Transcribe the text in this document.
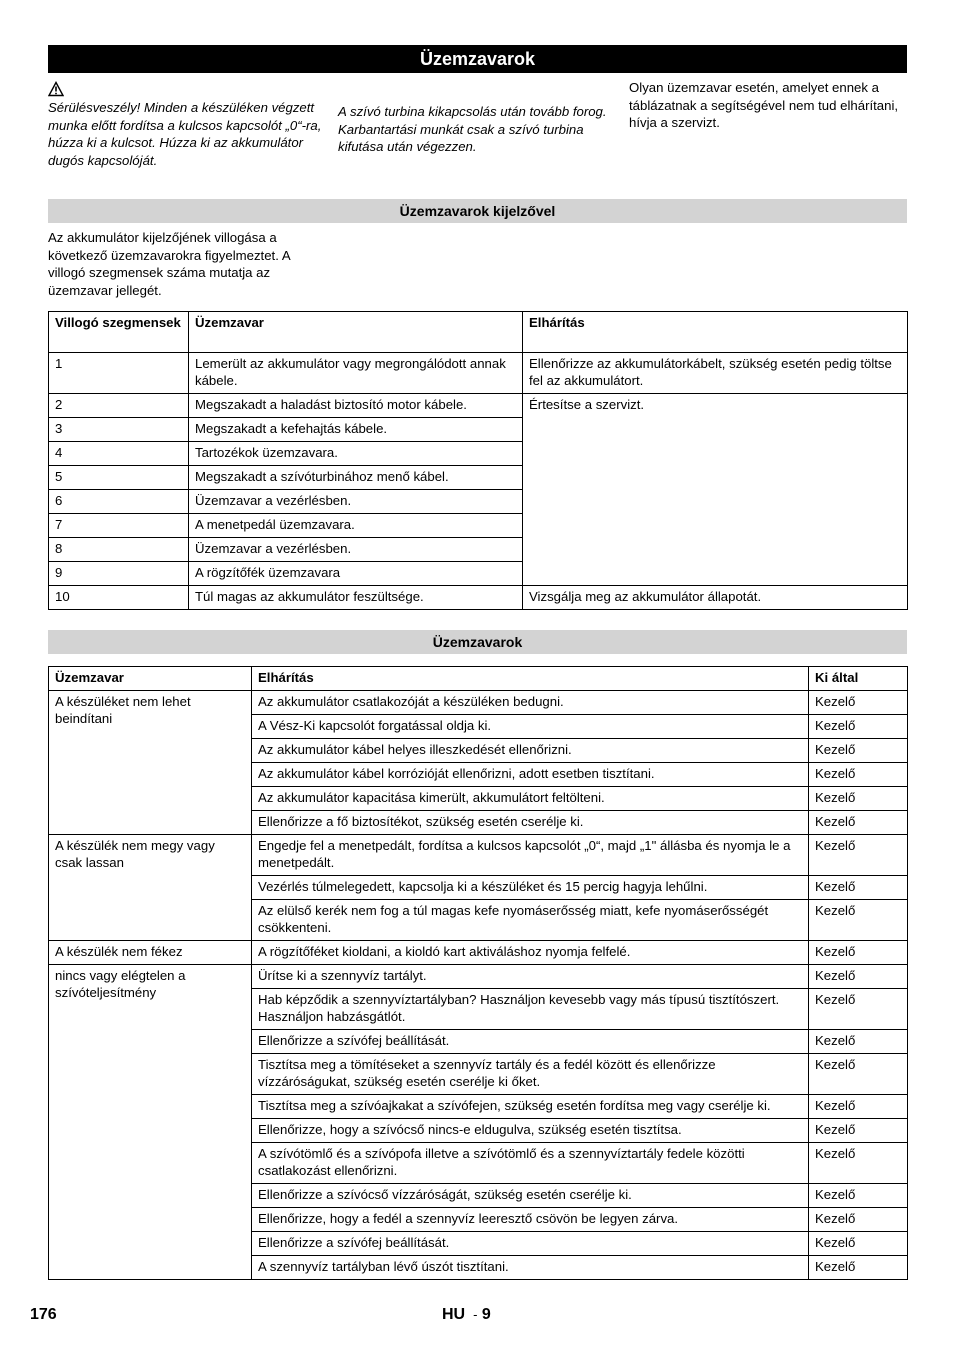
Üzemzavarok
Sérülésveszély! Minden a készüléken végzett munka előtt fordítsa a kulcsos kapcsolót „0“-ra, húzza ki a kulcsot. Húzza ki az akkumulátor dugós kapcsolóját.
A szívó turbina kikapcsolás után tovább forog. Karbantartási munkát csak a szívó turbina kifutása után végezzen.
Olyan üzemzavar esetén, amelyet ennek a táblázatnak a segítségével nem tud elhárítani, hívja a szervizt.
Üzemzavarok kijelzővel
Az akkumulátor kijelzőjének villogása a következő üzemzavarokra figyelmeztet. A villogó szegmensek száma mutatja az üzemzavar jellegét.
Villogó szegmensek	Üzemzavar	Elhárítás
1	Lemerült az akkumulátor vagy megrongálódott annak kábele.	Ellenőrizze az akkumulátorkábelt, szükség esetén pedig töltse fel az akkumulátort.
2	Megszakadt a haladást biztosító motor kábele.	Értesítse a szervizt.
3	Megszakadt a kefehajtás kábele.	
4	Tartozékok üzemzavara.	
5	Megszakadt a szívóturbinához menő kábel.	
6	Üzemzavar a vezérlésben.	
7	A menetpedál üzemzavara.	
8	Üzemzavar a vezérlésben.	
9	A rögzítőfék üzemzavara	
10	Túl magas az akkumulátor feszültsége.	Vizsgálja meg az akkumulátor állapotát.
Üzemzavarok
Üzemzavar	Elhárítás	Ki által
A készüléket nem lehet beindítani	Az akkumulátor csatlakozóját a készüléken bedugni.	Kezelő
	A Vész-Ki kapcsolót forgatással oldja ki.	Kezelő
	Az akkumulátor kábel helyes illeszkedését ellenőrizni.	Kezelő
	Az akkumulátor kábel korrózióját ellenőrizni, adott esetben tisztítani.	Kezelő
	Az akkumulátor kapacitása kimerült, akkumulátort feltölteni.	Kezelő
	Ellenőrizze a fő biztosítékot, szükség esetén cserélje ki.	Kezelő
A készülék nem megy vagy csak lassan	Engedje fel a menetpedált, fordítsa a kulcsos kapcsolót „0“, majd „1" állásba és nyomja le a menetpedált.	Kezelő
	Vezérlés túlmelegedett, kapcsolja ki a készüléket és 15 percig hagyja lehűlni.	Kezelő
	Az elülső kerék nem fog a túl magas kefe nyomáserősség miatt, kefe nyomáserősségét csökkenteni.	Kezelő
A készülék nem fékez	A rögzítőféket kioldani, a kioldó kart aktiváláshoz nyomja felfelé.	Kezelő
nincs vagy elégtelen a szívóteljesítmény	Ürítse ki a szennyvíz tartályt.	Kezelő
	Hab képződik a szennyvíztartályban? Használjon kevesebb vagy más típusú tisztítószert. Használjon habzásgátlót.	Kezelő
	Ellenőrizze a szívófej beállítását.	Kezelő
	Tisztítsa meg a tömítéseket a szennyvíz tartály és a fedél között és ellenőrizze vízzáróságukat, szükség esetén cserélje ki őket.	Kezelő
	Tisztítsa meg a szívóajkakat a szívófejen, szükség esetén fordítsa meg vagy cserélje ki.	Kezelő
	Ellenőrizze, hogy a szívócső nincs-e eldugulva, szükség esetén tisztítsa.	Kezelő
	A szívótömlő és a szívópofa illetve a szívótömlő és a szennyvíztartály fedele közötti csatlakozást ellenőrizni.	Kezelő
	Ellenőrizze a szívócső vízzáróságát, szükség esetén cserélje ki.	Kezelő
	Ellenőrizze, hogy a fedél a szennyvíz leeresztő csövön be legyen zárva.	Kezelő
	Ellenőrizze a szívófej beállítását.	Kezelő
	A szennyvíz tartályban lévő úszót tisztítani.	Kezelő
176	HU - 9
